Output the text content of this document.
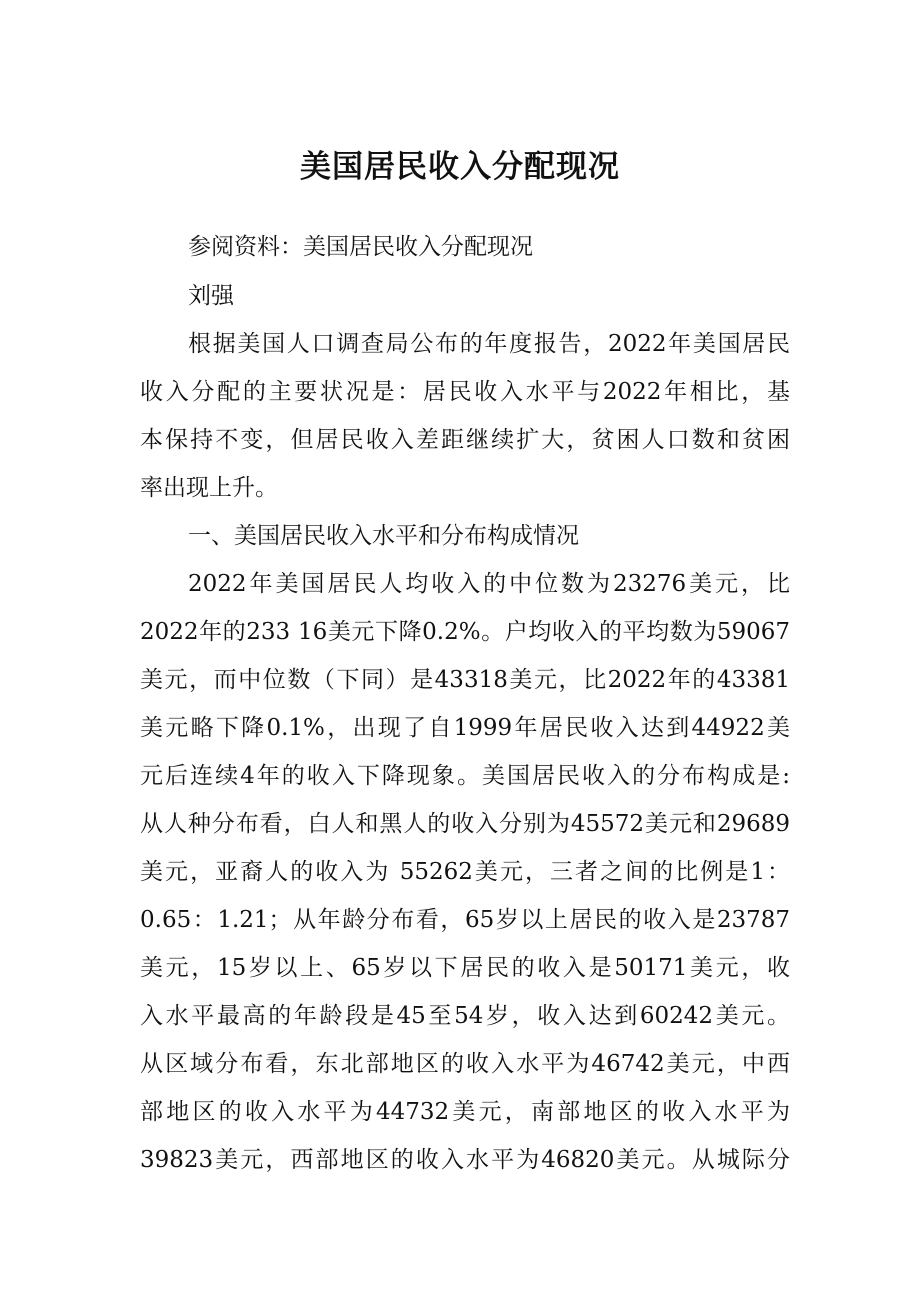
美国居民收入分配现况
参阅资料：美国居民收入分配现况
刘强
根据美国人口调查局公布的年度报告，2022年美国居民
收入分配的主要状况是：居民收入水平与2022年相比，基
本保持不变，但居民收入差距继续扩大，贫困人口数和贫困
率出现上升。
一、美国居民收入水平和分布构成情况
2022年美国居民人均收入的中位数为23276美元，比
2022年的233 16美元下降0.2%。户均收入的平均数为59067
美元，而中位数（下同）是43318美元，比2022年的43381
美元略下降0.1%，出现了自1999年居民收入达到44922美
元后连续4年的收入下降现象。美国居民收入的分布构成是:
从人种分布看，白人和黑人的收入分别为45572美元和29689
美元，亚裔人的收入为 55262美元，三者之间的比例是1：
0.65：1.21；从年龄分布看，65岁以上居民的收入是23787
美元，15岁以上、65岁以下居民的收入是50171美元，收
入水平最高的年龄段是45至54岁，收入达到60242美元。
从区域分布看，东北部地区的收入水平为46742美元，中西
部地区的收入水平为44732美元，南部地区的收入水平为
39823美元，西部地区的收入水平为46820美元。从城际分
